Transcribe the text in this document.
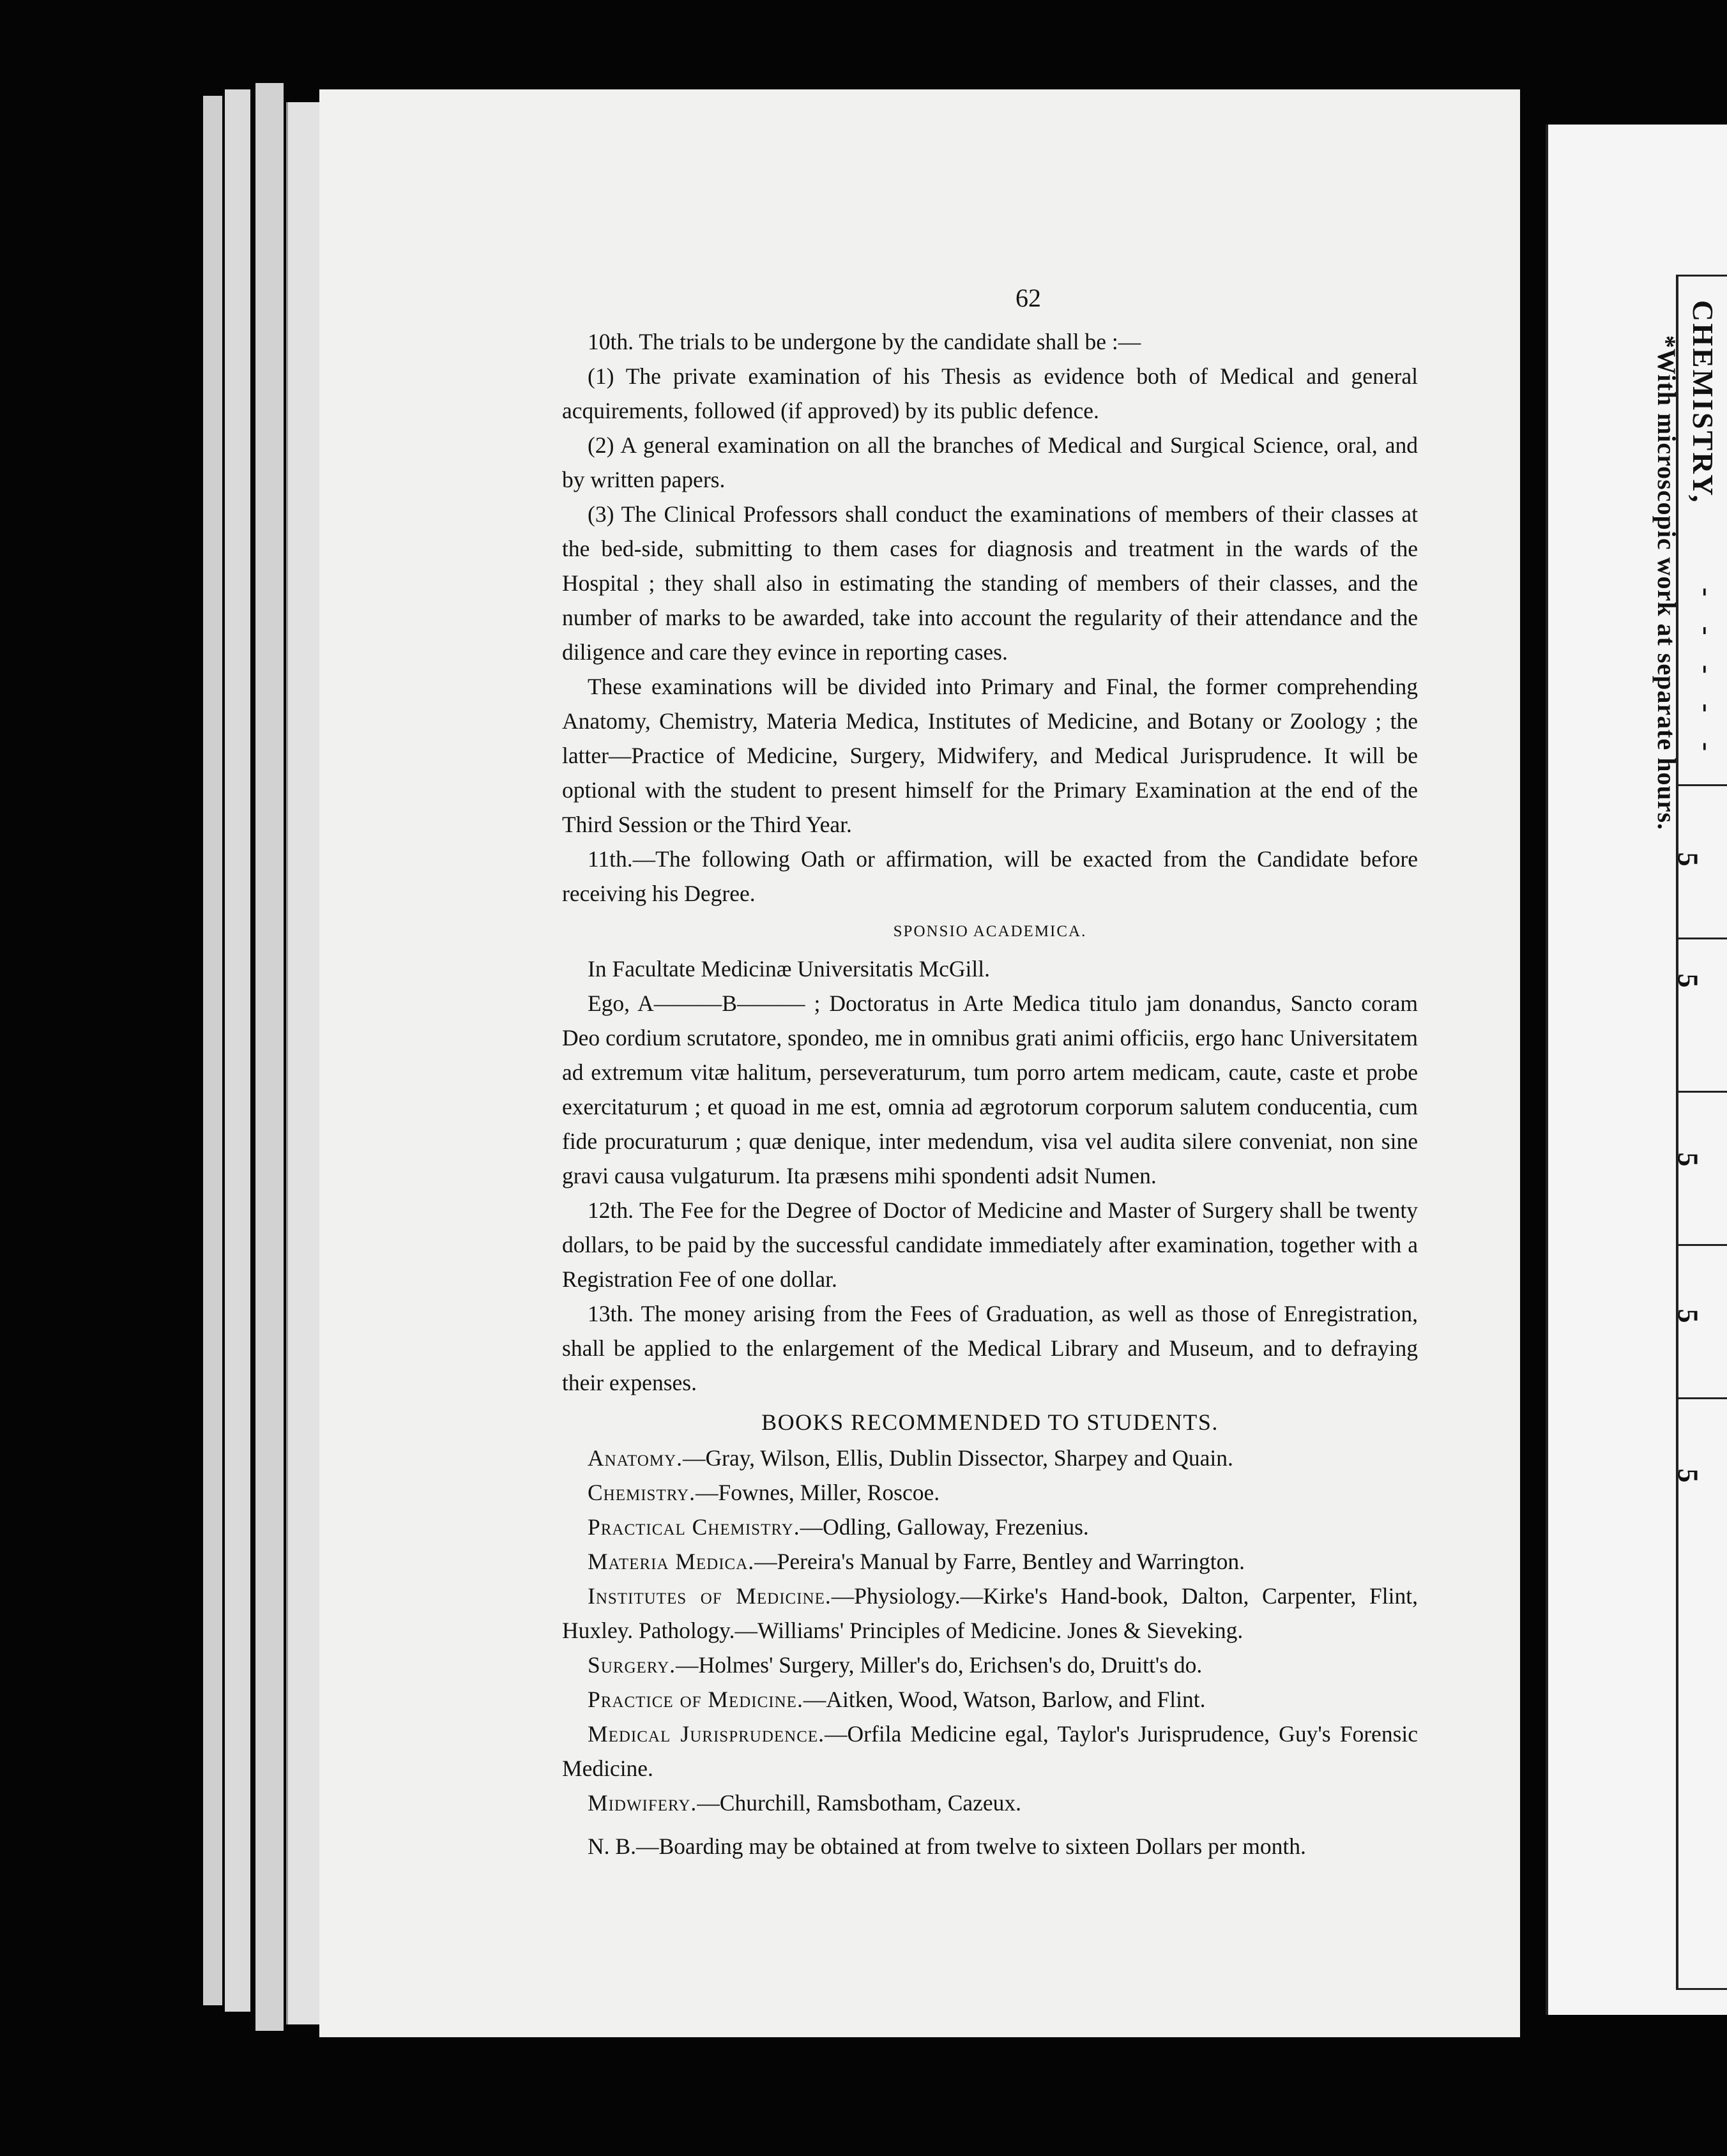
62

10th. The trials to be undergone by the candidate shall be :—

(1) The private examination of his Thesis as evidence both of Medical and general acquirements, followed (if approved) by its public defence.

(2) A general examination on all the branches of Medical and Surgical Science, oral, and by written papers.

(3) The Clinical Professors shall conduct the examinations of members of their classes at the bed-side, submitting to them cases for diagnosis and treatment in the wards of the Hospital ; they shall also in estimating the standing of members of their classes, and the number of marks to be awarded, take into account the regularity of their attendance and the diligence and care they evince in reporting cases.

These examinations will be divided into Primary and Final, the former comprehending Anatomy, Chemistry, Materia Medica, Institutes of Medicine, and Botany or Zoology ; the latter—Practice of Medicine, Surgery, Midwifery, and Medical Jurisprudence. It will be optional with the student to present himself for the Primary Examination at the end of the Third Session or the Third Year.

11th.—The following Oath or affirmation, will be exacted from the Candidate before receiving his Degree.

SPONSIO ACADEMICA.

In Facultate Medicinæ Universitatis McGill.

Ego, A———B——— ; Doctoratus in Arte Medica titulo jam donandus, Sancto coram Deo cordium scrutatore, spondeo, me in omnibus grati animi officiis, ergo hanc Universitatem ad extremum vitæ halitum, perseveraturum, tum porro artem medicam, caute, caste et probe exercitaturum ; et quoad in me est, omnia ad ægrotorum corporum salutem conducentia, cum fide procuraturum ; quæ denique, inter medendum, visa vel audita silere conveniat, non sine gravi causa vulgaturum. Ita præsens mihi spondenti adsit Numen.

12th. The Fee for the Degree of Doctor of Medicine and Master of Surgery shall be twenty dollars, to be paid by the successful candidate immediately after examination, together with a Registration Fee of one dollar.

13th. The money arising from the Fees of Graduation, as well as those of Enregistration, shall be applied to the enlargement of the Medical Library and Museum, and to defraying their expenses.

BOOKS RECOMMENDED TO STUDENTS.

Anatomy.—Gray, Wilson, Ellis, Dublin Dissector, Sharpey and Quain.

Chemistry.—Fownes, Miller, Roscoe.

Practical Chemistry.—Odling, Galloway, Frezenius.

Materia Medica.—Pereira's Manual by Farre, Bentley and Warrington.

Institutes of Medicine.—Physiology.—Kirke's Hand-book, Dalton, Carpenter, Flint, Huxley. Pathology.—Williams' Principles of Medicine. Jones & Sieveking.

Surgery.—Holmes' Surgery, Miller's do, Erichsen's do, Druitt's do.

Practice of Medicine.—Aitken, Wood, Watson, Barlow, and Flint.

Medical Jurisprudence.—Orfila Medicine egal, Taylor's Jurisprudence, Guy's Forensic Medicine.

Midwifery.—Churchill, Ramsbotham, Cazeux.

N. B.—Boarding may be obtained at from twelve to sixteen Dollars per month.

CHEMISTRY,
*With microscopic work at separate hours. - - - - -
5
5
5
5
5
